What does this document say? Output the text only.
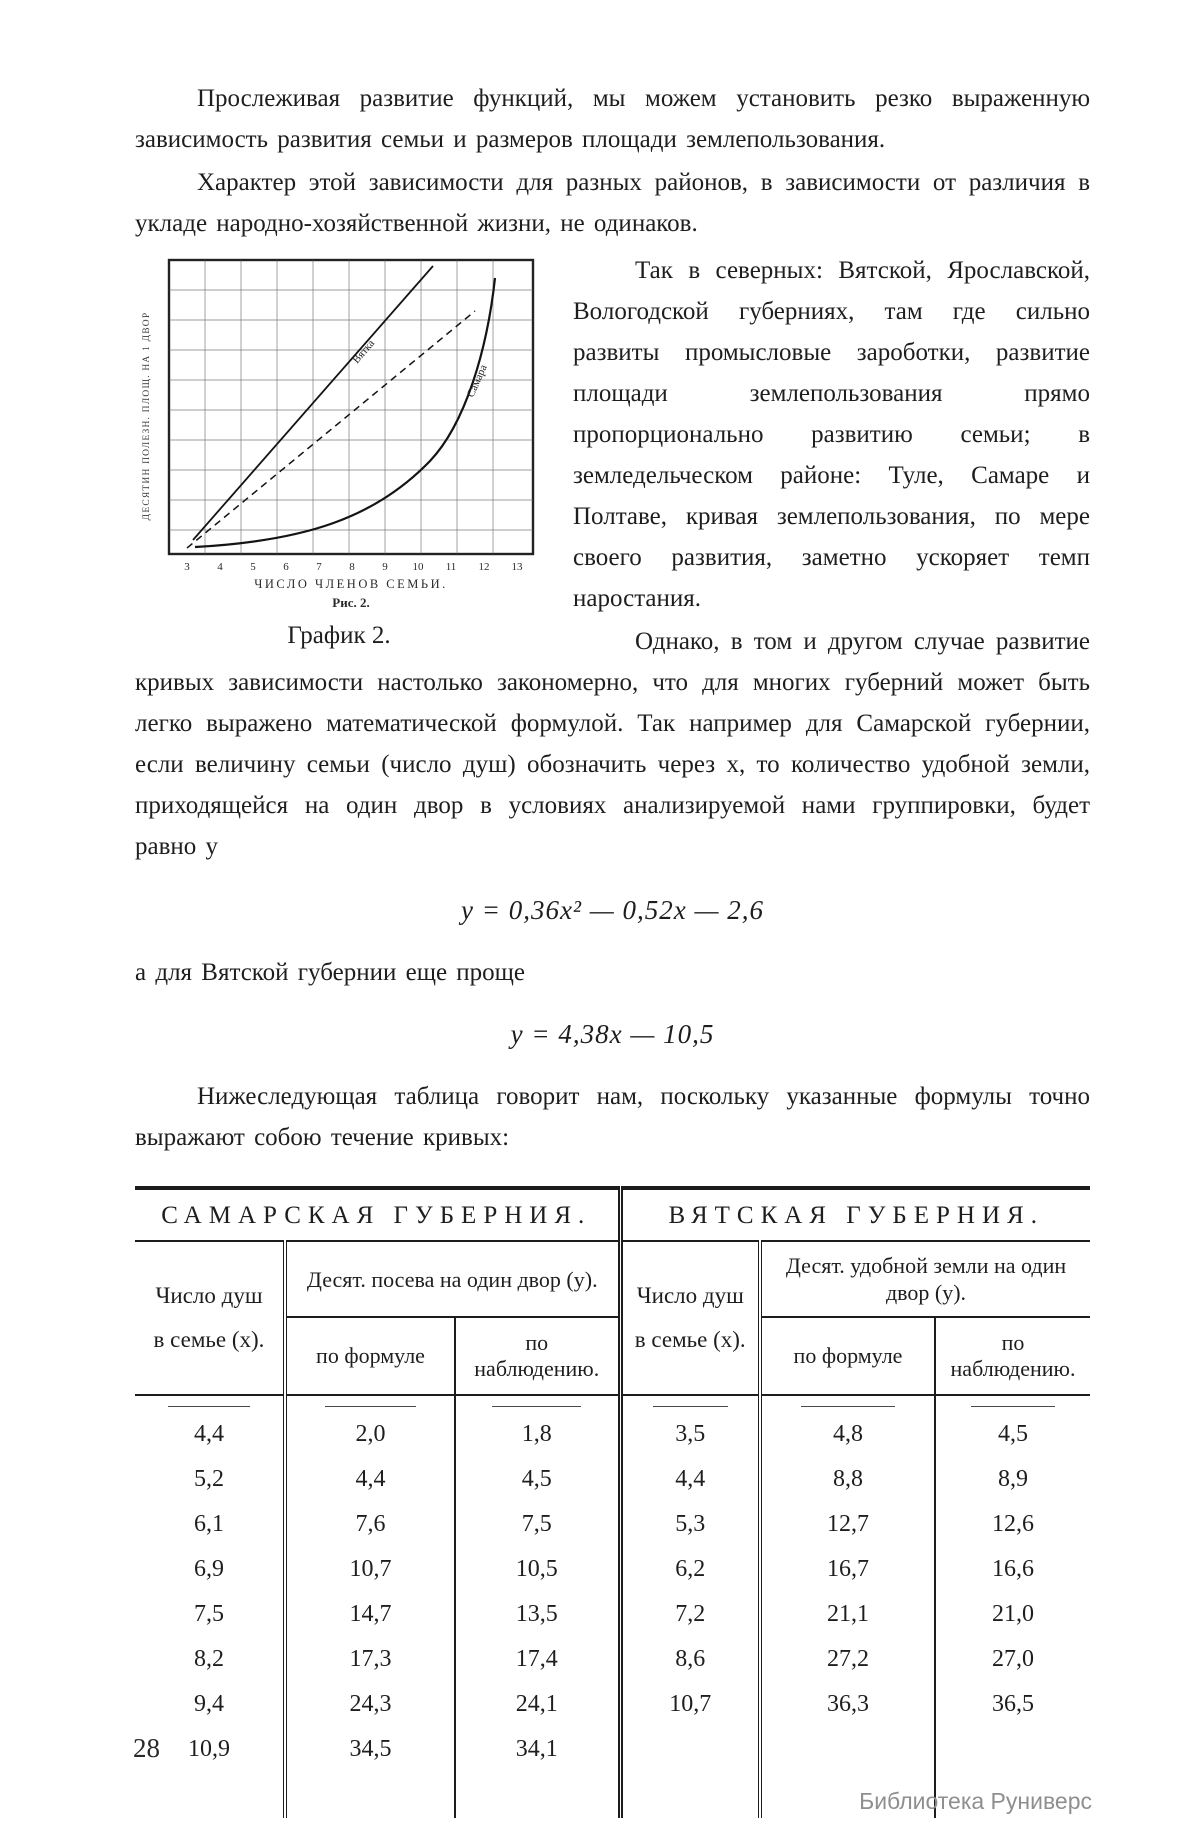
Прослеживая развитие функций, мы можем установить резко выраженную зависимость развития семьи и размеров площади землепользования.

Характер этой зависимости для разных районов, в зависимости от различия в укладе народно-хозяйственной жизни, не одинаков.

ДЕСЯТИН ПОЛЕЗН. ПЛОЩ. НА 1 ДВОР	Вятка
Самара
3	4	5	6	7	8	9 10 11 12 13
ЧИСЛО ЧЛЕНОВ СЕМЬИ.
Рис. 2.
График 2.

Так в северных: Вятской, Ярославской, Вологодской губерниях, там где сильно развиты промысловые зароботки, развитие площади землепользования прямо пропорционально развитию семьи; в земледельческом районе: Туле, Самаре и Полтаве, кривая землепользования, по мере своего развития, заметно ускоряет темп наростания.

Однако, в том и другом случае развитие кривых зависимости настолько закономерно, что для многих губерний может быть легко выражено математической формулой. Так например для Самарской губернии, если величину семьи (число душ) обозначить через x, то количество удобной земли, приходящейся на один двор в условиях анализируемой нами группировки, будет равно y

y = 0,36x² — 0,52x — 2,6

а для Вятской губернии еще проще

y = 4,38x — 10,5

Нижеследующая таблица говорит нам, поскольку указанные формулы точно выражают собою течение кривых:

САМАРСКАЯ ГУБЕРНИЯ.			ВЯТСКАЯ ГУБЕРНИЯ.		

Число душ
в семье (x).
	Десят. посева на один двор (y).	
Число душ
в семье (x).
	Десят. удобной земли на один двор (y).
	по формуле	по наблюдению.		по формуле	по наблюдению.

4,4	2,0	1,8	3,5	4,8	4,5
5,2	4,4	4,5	4,4	8,8	8,9
6,1	7,6	7,5	5,3	12,7	12,6
6,9	10,7	10,5	6,2	16,7	16,6
7,5	14,7	13,5	7,2	21,1	21,0
8,2	17,3	17,4	8,6	27,2	27,0
9,4	24,3	24,1	10,7	36,3	36,5
10,9	34,5	34,1			

28
Библиотека Руниверс
